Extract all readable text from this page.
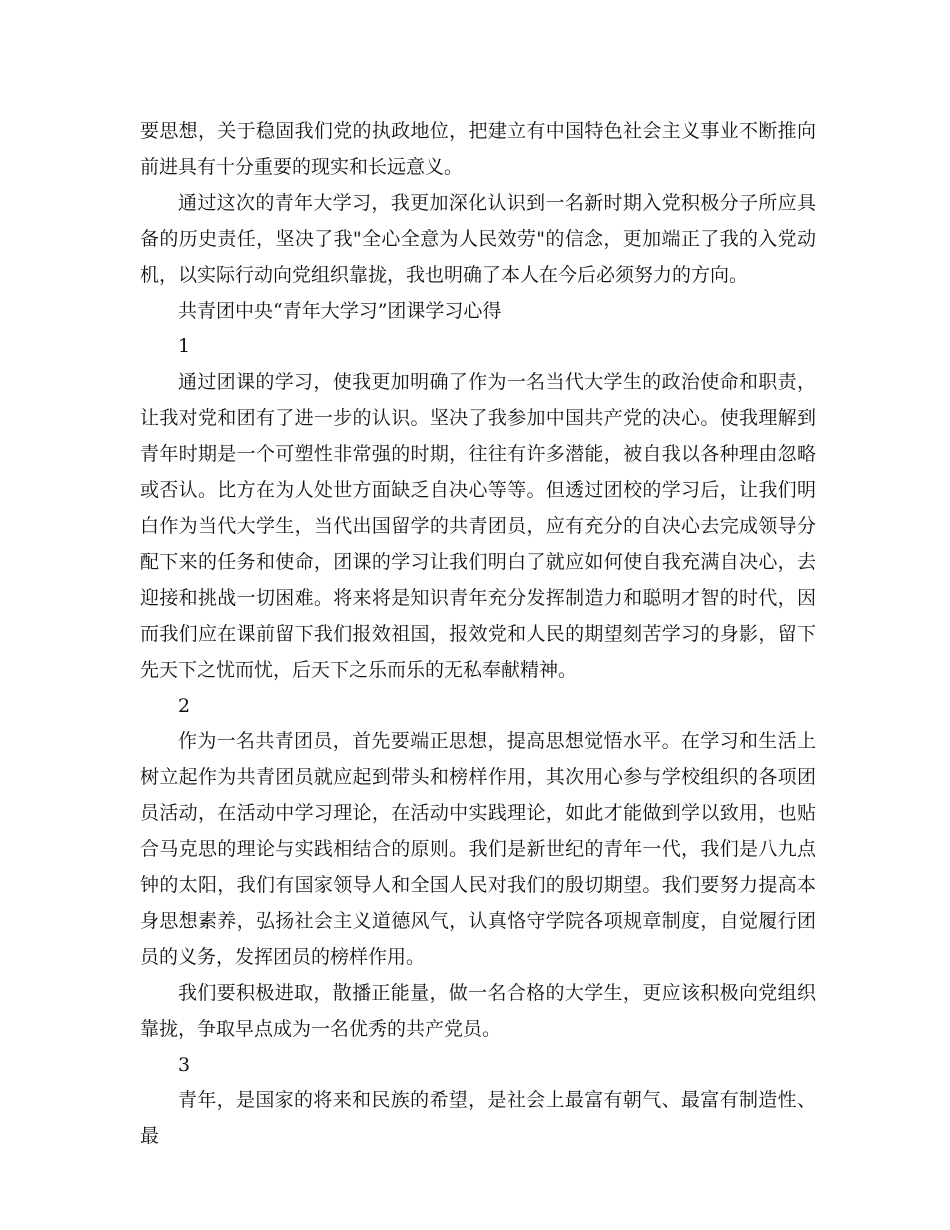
要思想，关于稳固我们党的执政地位，把建立有中国特色社会主义事业不断推向前进具有十分重要的现实和长远意义。

通过这次的青年大学习，我更加深化认识到一名新时期入党积极分子所应具备的历史责任，坚决了我"全心全意为人民效劳"的信念，更加端正了我的入党动机，以实际行动向党组织靠拢，我也明确了本人在今后必须努力的方向。

共青团中央“青年大学习”团课学习心得

1

通过团课的学习，使我更加明确了作为一名当代大学生的政治使命和职责，让我对党和团有了进一步的认识。坚决了我参加中国共产党的决心。使我理解到青年时期是一个可塑性非常强的时期，往往有许多潜能，被自我以各种理由忽略或否认。比方在为人处世方面缺乏自决心等等。但透过团校的学习后，让我们明白作为当代大学生，当代出国留学的共青团员，应有充分的自决心去完成领导分配下来的任务和使命，团课的学习让我们明白了就应如何使自我充满自决心，去迎接和挑战一切困难。将来将是知识青年充分发挥制造力和聪明才智的时代，因而我们应在课前留下我们报效祖国，报效党和人民的期望刻苦学习的身影，留下先天下之忧而忧，后天下之乐而乐的无私奉献精神。

2

作为一名共青团员，首先要端正思想，提高思想觉悟水平。在学习和生活上树立起作为共青团员就应起到带头和榜样作用，其次用心参与学校组织的各项团员活动，在活动中学习理论，在活动中实践理论，如此才能做到学以致用，也贴合马克思的理论与实践相结合的原则。我们是新世纪的青年一代，我们是八九点钟的太阳，我们有国家领导人和全国人民对我们的殷切期望。我们要努力提高本身思想素养，弘扬社会主义道德风气，认真恪守学院各项规章制度，自觉履行团员的义务，发挥团员的榜样作用。

我们要积极进取，散播正能量，做一名合格的大学生，更应该积极向党组织靠拢，争取早点成为一名优秀的共产党员。

3

青年，是国家的将来和民族的希望，是社会上最富有朝气、最富有制造性、最
